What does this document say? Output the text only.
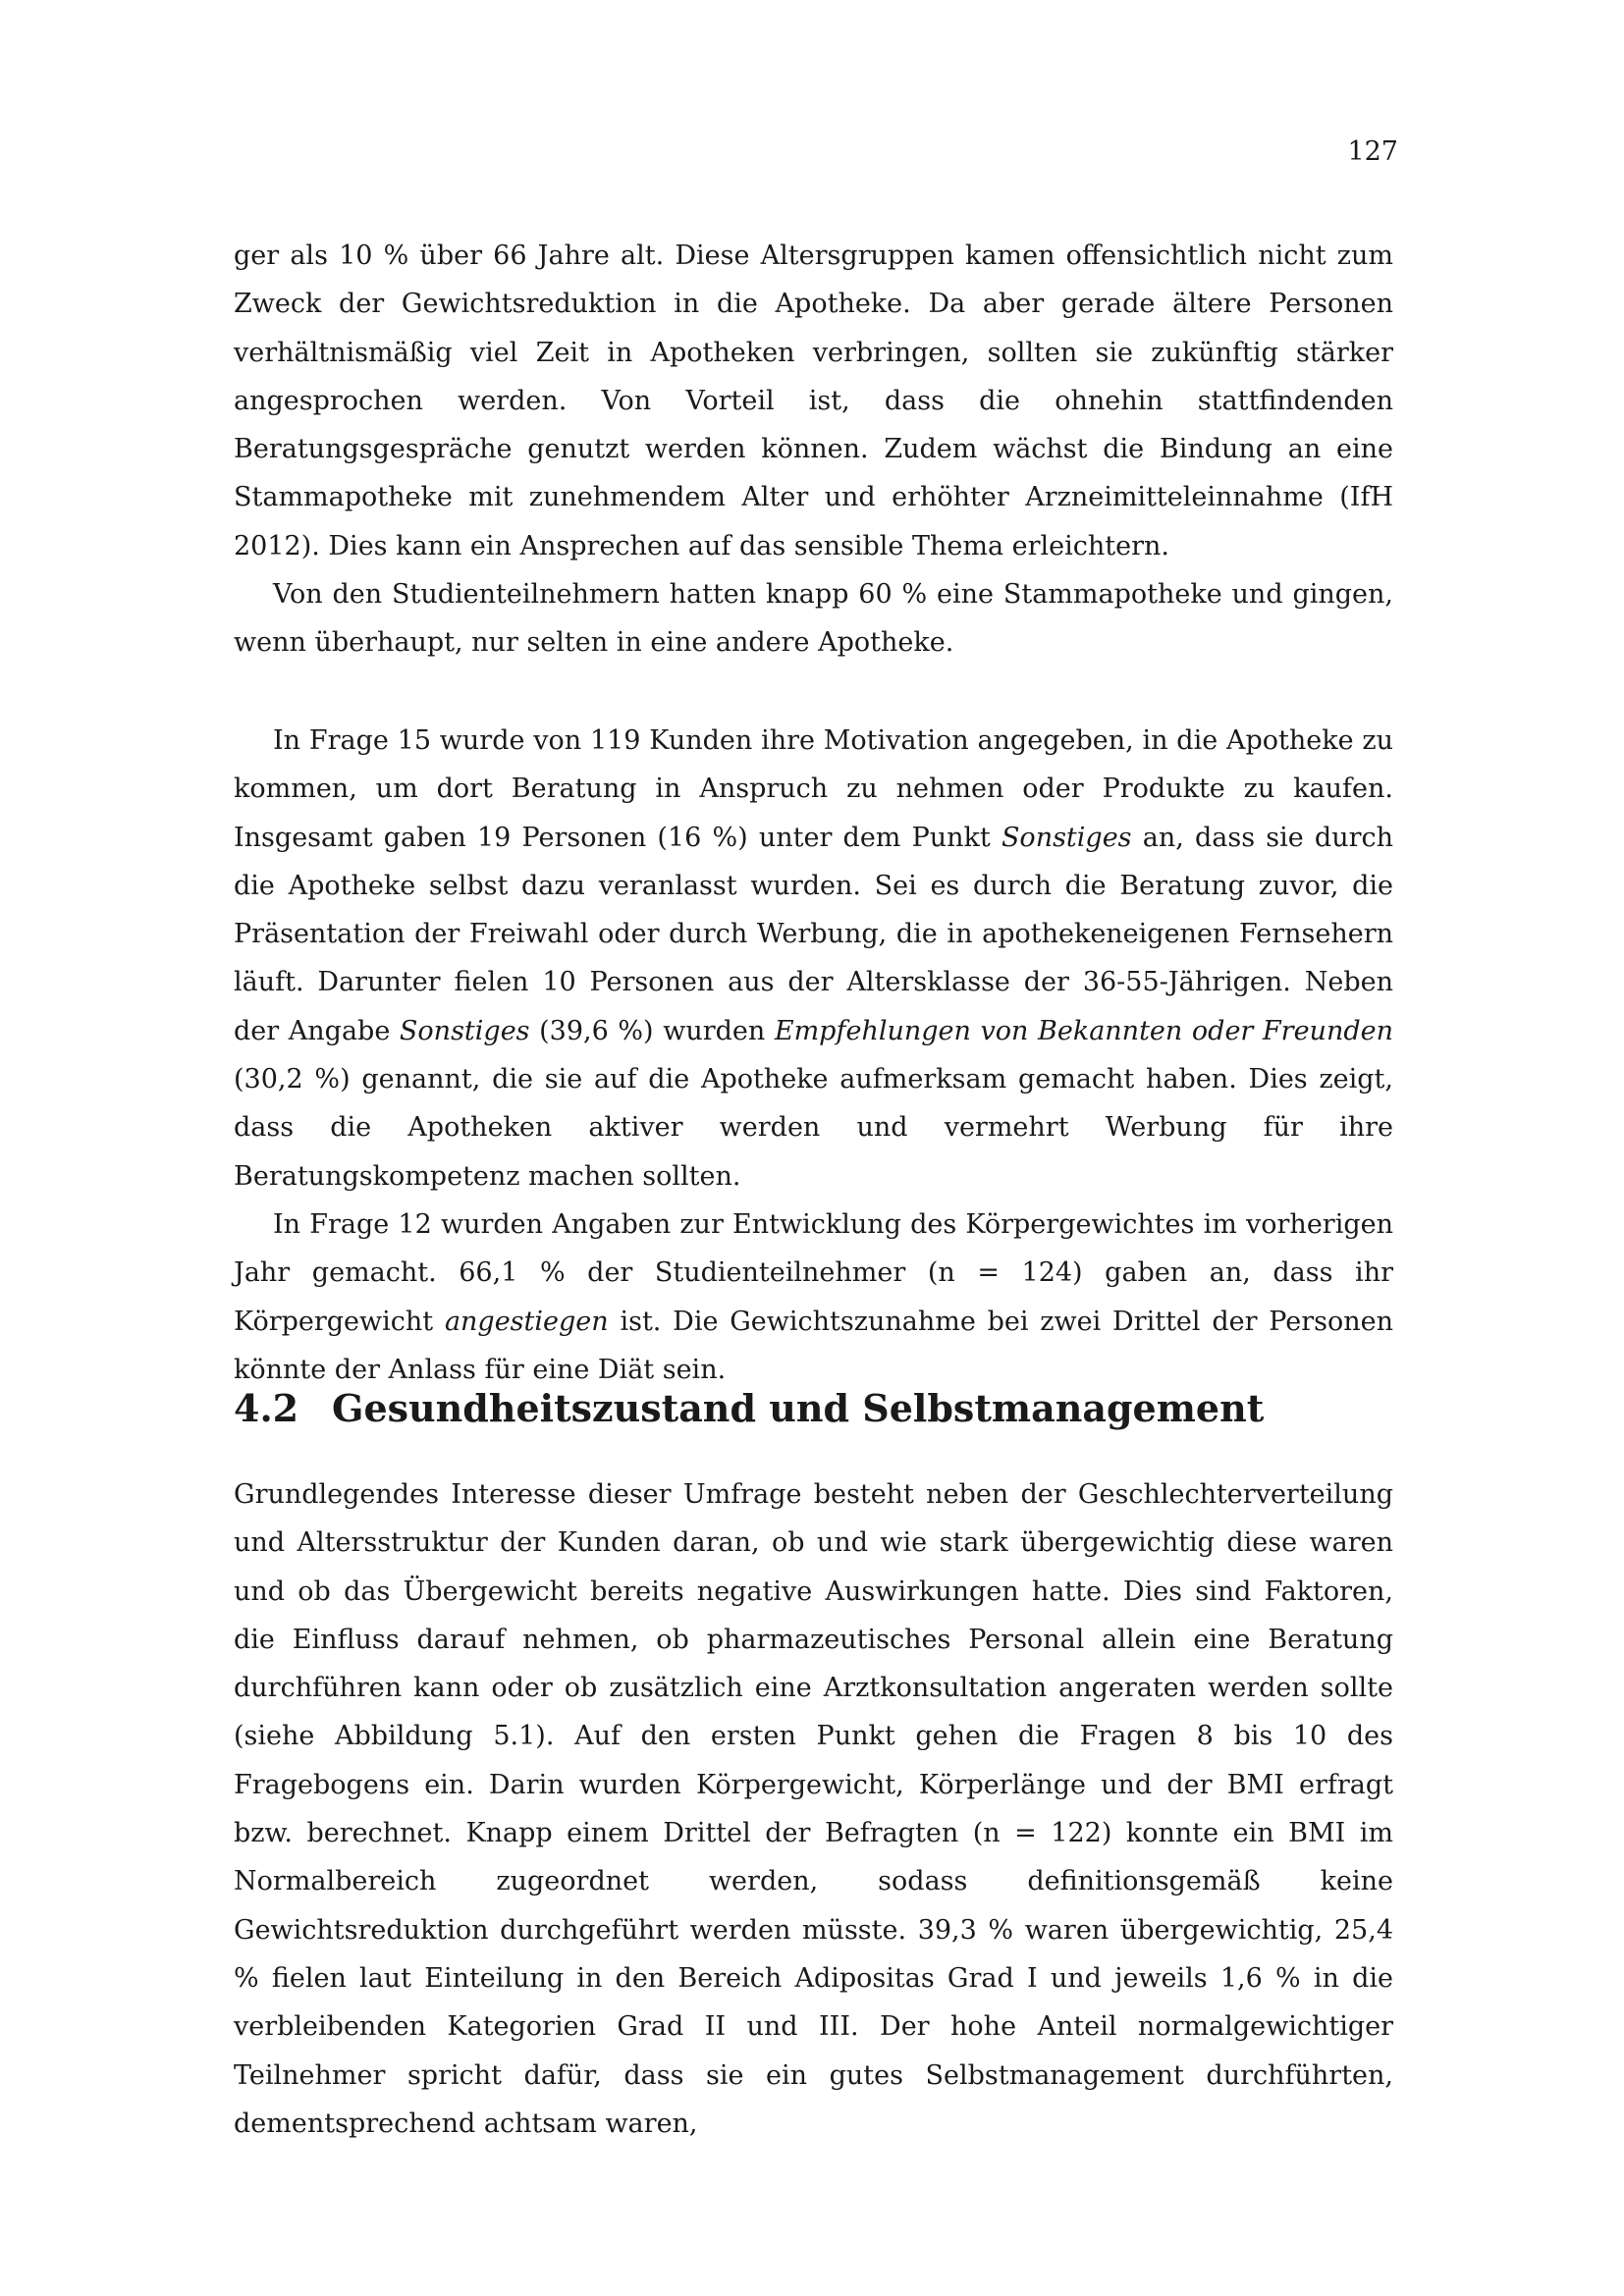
127

ger als 10 % über 66 Jahre alt. Diese Altersgruppen kamen offensichtlich nicht zum Zweck der Gewichtsreduktion in die Apotheke. Da aber gerade ältere Personen verhältnismäßig viel Zeit in Apotheken verbringen, sollten sie zukünftig stärker angesprochen werden. Von Vorteil ist, dass die ohnehin stattfindenden Beratungsgespräche genutzt werden können. Zudem wächst die Bindung an eine Stammapotheke mit zunehmendem Alter und erhöhter Arzneimitteleinnahme (IfH 2012). Dies kann ein Ansprechen auf das sensible Thema erleichtern.

Von den Studienteilnehmern hatten knapp 60 % eine Stammapotheke und gingen, wenn überhaupt, nur selten in eine andere Apotheke.

In Frage 15 wurde von 119 Kunden ihre Motivation angegeben, in die Apotheke zu kommen, um dort Beratung in Anspruch zu nehmen oder Produkte zu kaufen. Insgesamt gaben 19 Personen (16 %) unter dem Punkt Sonstiges an, dass sie durch die Apotheke selbst dazu veranlasst wurden. Sei es durch die Beratung zuvor, die Präsentation der Freiwahl oder durch Werbung, die in apothekeneigenen Fernsehern läuft. Darunter fielen 10 Personen aus der Altersklasse der 36-55-Jährigen. Neben der Angabe Sonstiges (39,6 %) wurden Empfehlungen von Bekannten oder Freunden (30,2 %) genannt, die sie auf die Apotheke aufmerksam gemacht haben. Dies zeigt, dass die Apotheken aktiver werden und vermehrt Werbung für ihre Beratungskompetenz machen sollten.

In Frage 12 wurden Angaben zur Entwicklung des Körpergewichtes im vorherigen Jahr gemacht. 66,1 % der Studienteilnehmer (n = 124) gaben an, dass ihr Körpergewicht angestiegen ist. Die Gewichtszunahme bei zwei Drittel der Personen könnte der Anlass für eine Diät sein.

4.2 Gesundheitszustand und Selbstmanagement

Grundlegendes Interesse dieser Umfrage besteht neben der Geschlechterverteilung und Altersstruktur der Kunden daran, ob und wie stark übergewichtig diese waren und ob das Übergewicht bereits negative Auswirkungen hatte. Dies sind Faktoren, die Einfluss darauf nehmen, ob pharmazeutisches Personal allein eine Beratung durchführen kann oder ob zusätzlich eine Arztkonsultation angeraten werden sollte (siehe Abbildung 5.1). Auf den ersten Punkt gehen die Fragen 8 bis 10 des Fragebogens ein. Darin wurden Körpergewicht, Körperlänge und der BMI erfragt bzw. berechnet. Knapp einem Drittel der Befragten (n = 122) konnte ein BMI im Normalbereich zugeordnet werden, sodass definitionsgemäß keine Gewichtsreduktion durchgeführt werden müsste. 39,3 % waren übergewichtig, 25,4 % fielen laut Einteilung in den Bereich Adipositas Grad I und jeweils 1,6 % in die verbleibenden Kategorien Grad II und III. Der hohe Anteil normalgewichtiger Teilnehmer spricht dafür, dass sie ein gutes Selbstmanagement durchführten, dementsprechend achtsam waren,
